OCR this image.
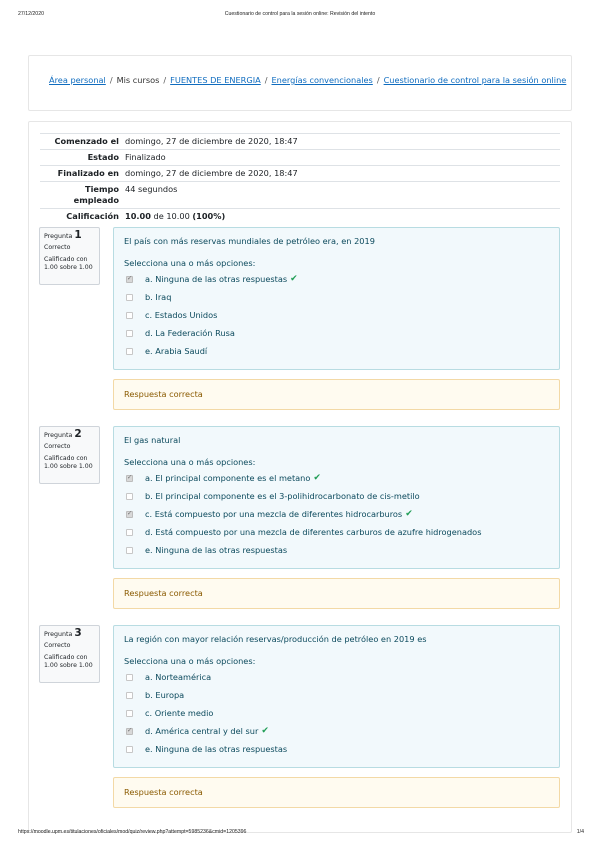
27/12/2020	Cuestionario de control para la sesión online: Revisión del intento
Área personal / Mis cursos / FUENTES DE ENERGIA / Energías convencionales / Cuestionario de control para la sesión online
Comenzado el	domingo, 27 de diciembre de 2020, 18:47
Estado	Finalizado
Finalizado en	domingo, 27 de diciembre de 2020, 18:47
Tiempo
empleado	44 segundos
Calificación	10.00 de 10.00 (100%)
Pregunta 1
Correcto
Calificado con
1.00 sobre 1.00
El país con más reservas mundiales de petróleo era, en 2019
Selecciona una o más opciones:
✓
a. Ninguna de las otras respuestas ✔
b. Iraq
c. Estados Unidos
d. La Federación Rusa
e. Arabia Saudí
Respuesta correcta
Pregunta 2
Correcto
Calificado con
1.00 sobre 1.00
El gas natural
Selecciona una o más opciones:
✓
a. El principal componente es el metano ✔
b. El principal componente es el 3-polihidrocarbonato de cis-metilo
✓
c. Está compuesto por una mezcla de diferentes hidrocarburos ✔
d. Está compuesto por una mezcla de diferentes carburos de azufre hidrogenados
e. Ninguna de las otras respuestas
Respuesta correcta
Pregunta 3
Correcto
Calificado con
1.00 sobre 1.00
La región con mayor relación reservas/producción de petróleo en 2019 es
Selecciona una o más opciones:
a. Norteamérica
b. Europa
c. Oriente medio
✓
d. América central y del sur ✔
e. Ninguna de las otras respuestas
Respuesta correcta
https://moodle.upm.es/titulaciones/oficiales/mod/quiz/review.php?attempt=5985236&cmid=1205396	1/4
